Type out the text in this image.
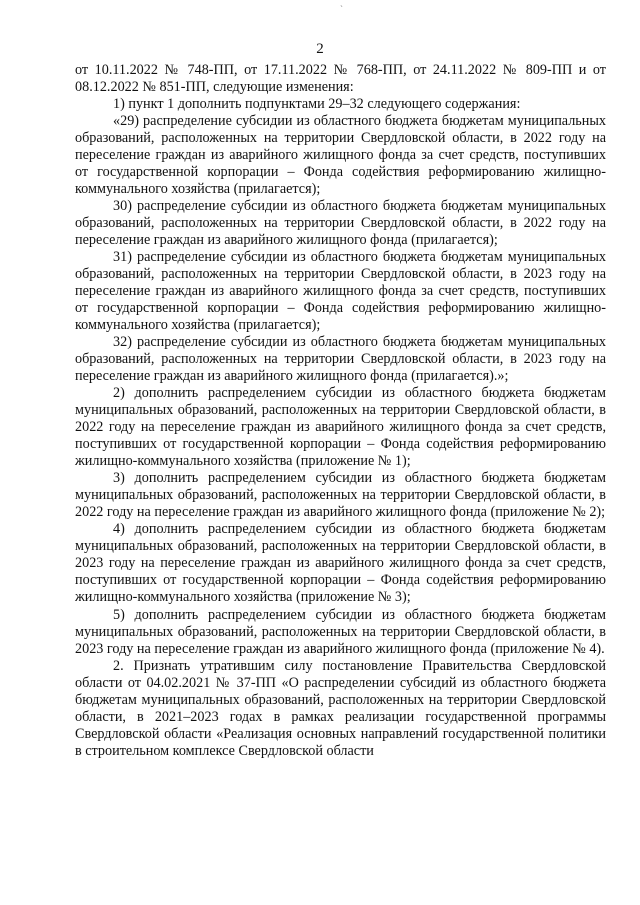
`
2

от 10.11.2022 № 748-ПП, от 17.11.2022 № 768-ПП, от 24.11.2022 № 809-ПП и от 08.12.2022 № 851-ПП, следующие изменения:

1) пункт 1 дополнить подпунктами 29–32 следующего содержания:

«29) распределение субсидии из областного бюджета бюджетам муниципальных образований, расположенных на территории Свердловской области, в 2022 году на переселение граждан из аварийного жилищного фонда за счет средств, поступивших от государственной корпорации – Фонда содействия реформированию жилищно-коммунального хозяйства (прилагается);

30) распределение субсидии из областного бюджета бюджетам муниципальных образований, расположенных на территории Свердловской области, в 2022 году на переселение граждан из аварийного жилищного фонда (прилагается);

31) распределение субсидии из областного бюджета бюджетам муниципальных образований, расположенных на территории Свердловской области, в 2023 году на переселение граждан из аварийного жилищного фонда за счет средств, поступивших от государственной корпорации – Фонда содействия реформированию жилищно-коммунального хозяйства (прилагается);

32) распределение субсидии из областного бюджета бюджетам муниципальных образований, расположенных на территории Свердловской области, в 2023 году на переселение граждан из аварийного жилищного фонда (прилагается).»;

2) дополнить распределением субсидии из областного бюджета бюджетам муниципальных образований, расположенных на территории Свердловской области, в 2022 году на переселение граждан из аварийного жилищного фонда за счет средств, поступивших от государственной корпорации – Фонда содействия реформированию жилищно-коммунального хозяйства (приложение № 1);

3) дополнить распределением субсидии из областного бюджета бюджетам муниципальных образований, расположенных на территории Свердловской области, в 2022 году на переселение граждан из аварийного жилищного фонда (приложение № 2);

4) дополнить распределением субсидии из областного бюджета бюджетам муниципальных образований, расположенных на территории Свердловской области, в 2023 году на переселение граждан из аварийного жилищного фонда за счет средств, поступивших от государственной корпорации – Фонда содействия реформированию жилищно-коммунального хозяйства (приложение № 3);

5) дополнить распределением субсидии из областного бюджета бюджетам муниципальных образований, расположенных на территории Свердловской области, в 2023 году на переселение граждан из аварийного жилищного фонда (приложение № 4).

2. Признать утратившим силу постановление Правительства Свердловской области от 04.02.2021 № 37-ПП «О распределении субсидий из областного бюджета бюджетам муниципальных образований, расположенных на территории Свердловской области, в 2021–2023 годах в рамках реализации государственной программы Свердловской области «Реализация основных направлений государственной политики в строительном комплексе Свердловской области
